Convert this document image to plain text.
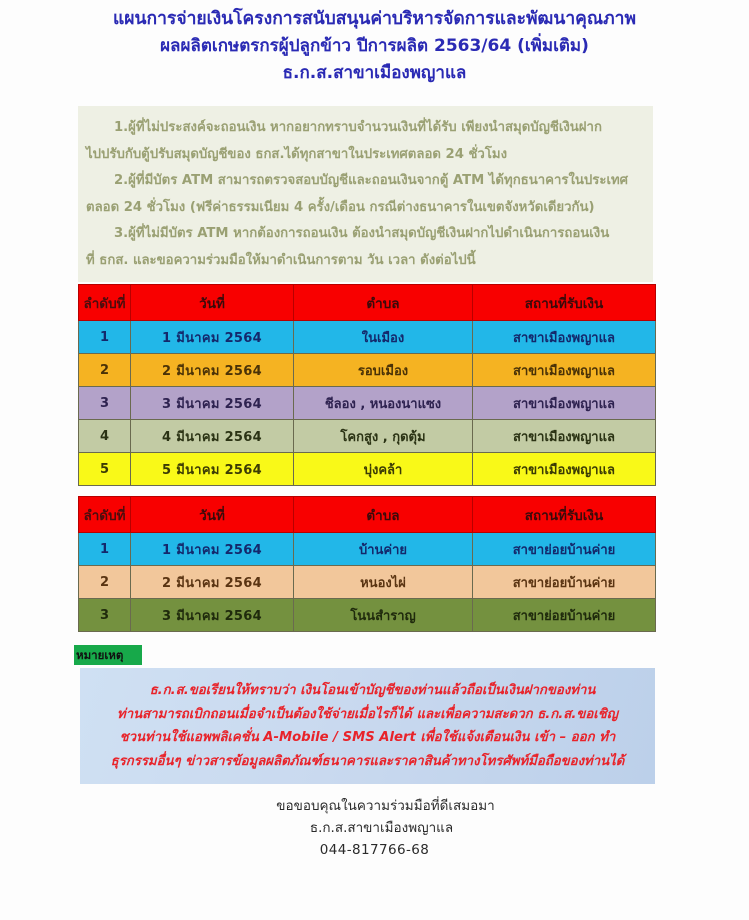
แผนการจ่ายเงินโครงการสนับสนุนค่าบริหารจัดการและพัฒนาคุณภาพ
ผลผลิตเกษตรกรผู้ปลูกข้าว ปีการผลิต 2563/64 (เพิ่มเติม)
ธ.ก.ส.สาขาเมืองพญาแล
1.ผู้ที่ไม่ประสงค์จะถอนเงิน หากอยากทราบจำนวนเงินที่ได้รับ เพียงนำสมุดบัญชีเงินฝาก
ไปปรับกับตู้ปรับสมุดบัญชีของ ธกส.ได้ทุกสาขาในประเทศตลอด 24 ชั่วโมง
2.ผู้ที่มีบัตร ATM สามารถตรวจสอบบัญชีและถอนเงินจากตู้ ATM ได้ทุกธนาคารในประเทศ
ตลอด 24 ชั่วโมง (ฟรีค่าธรรมเนียม 4 ครั้ง/เดือน กรณีต่างธนาคารในเขตจังหวัดเดียวกัน)
3.ผู้ที่ไม่มีบัตร ATM หากต้องการถอนเงิน ต้องนำสมุดบัญชีเงินฝากไปดำเนินการถอนเงิน
ที่ ธกส. และขอความร่วมมือให้มาดำเนินการตาม วัน เวลา ดังต่อไปนี้
ลำดับที่	วันที่	ตำบล	สถานที่รับเงิน
1	1 มีนาคม 2564	ในเมือง	สาขาเมืองพญาแล
2	2 มีนาคม 2564	รอบเมือง	สาขาเมืองพญาแล
3	3 มีนาคม 2564	ชีลอง , หนองนาแซง	สาขาเมืองพญาแล
4	4 มีนาคม 2564	โคกสูง , กุดตุ้ม	สาขาเมืองพญาแล
5	5 มีนาคม 2564	บุ่งคล้า	สาขาเมืองพญาแล
ลำดับที่	วันที่	ตำบล	สถานที่รับเงิน
1	1 มีนาคม 2564	บ้านค่าย	สาขาย่อยบ้านค่าย
2	2 มีนาคม 2564	หนองไผ่	สาขาย่อยบ้านค่าย
3	3 มีนาคม 2564	โนนสำราญ	สาขาย่อยบ้านค่าย
หมายเหตุ
ธ.ก.ส.ขอเรียนให้ทราบว่า เงินโอนเข้าบัญชีของท่านแล้วถือเป็นเงินฝากของท่าน
ท่านสามารถเบิกถอนเมื่อจำเป็นต้องใช้จ่ายเมื่อไรก็ได้ และเพื่อความสะดวก ธ.ก.ส.ขอเชิญ
ชวนท่านใช้แอพพลิเคชั่น A-Mobile / SMS Alert เพื่อใช้แจ้งเตือนเงิน เข้า – ออก ทำ
ธุรกรรมอื่นๆ ข่าวสารข้อมูลผลิตภัณฑ์ธนาคารและราคาสินค้าทางโทรศัพท์มือถือของท่านได้
ขอขอบคุณในความร่วมมือที่ดีเสมอมา
ธ.ก.ส.สาขาเมืองพญาแล
044-817766-68
